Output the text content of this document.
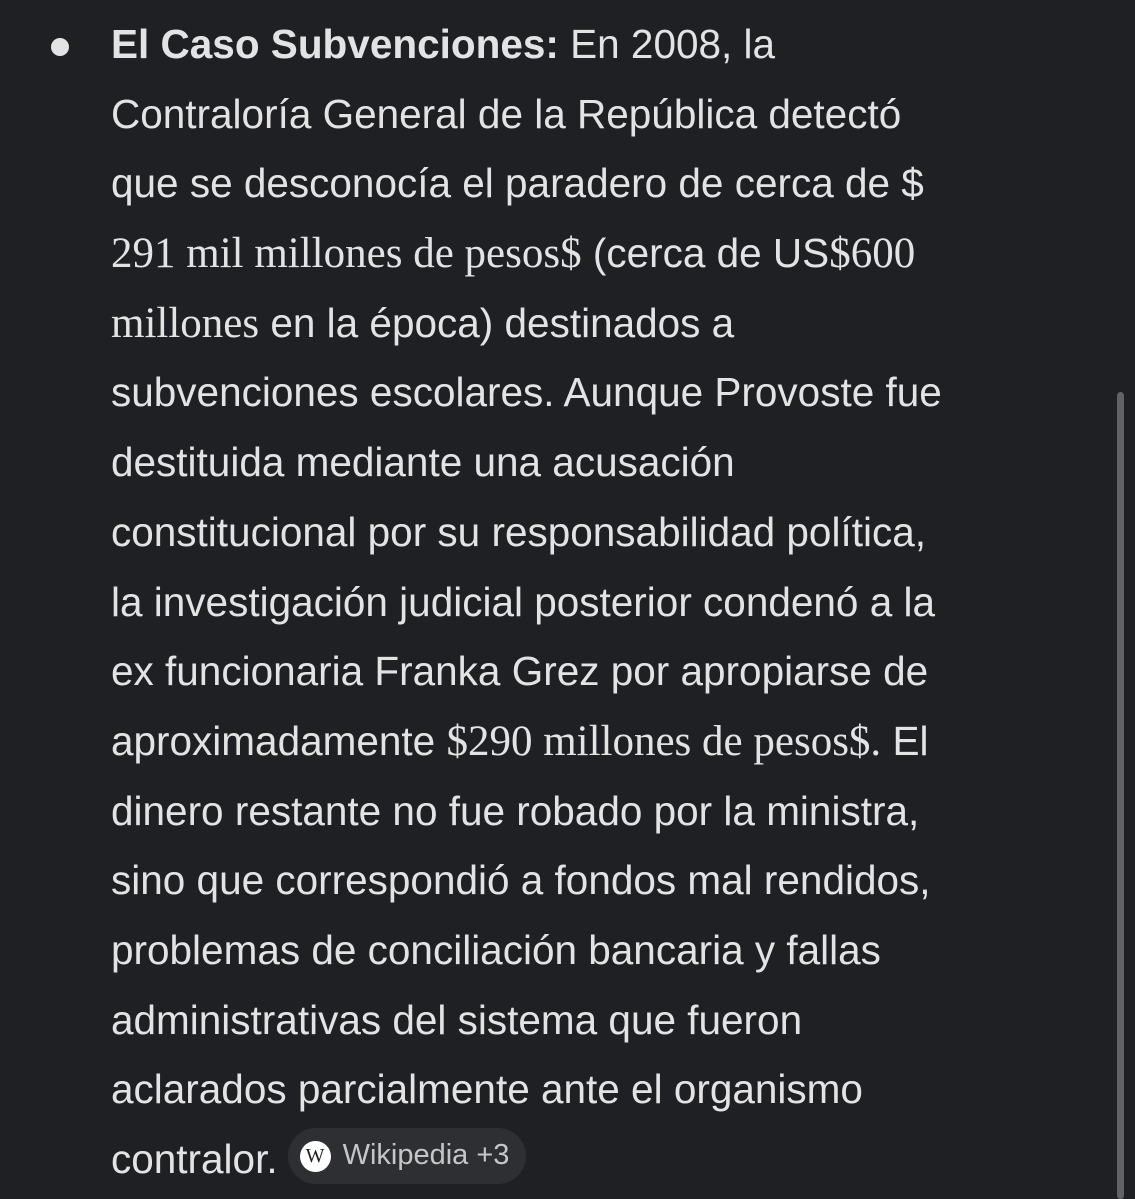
El Caso Subvenciones: En 2008, la
Contraloría General de la República detectó
que se desconocía el paradero de cerca de $
291 mil millones de pesos$ (cerca de US$600
millones en la época) destinados a
subvenciones escolares. Aunque Provoste fue
destituida mediante una acusación
constitucional por su responsabilidad política,
la investigación judicial posterior condenó a la
ex funcionaria Franka Grez por apropiarse de
aproximadamente $290 millones de pesos$. El
dinero restante no fue robado por la ministra,
sino que correspondió a fondos mal rendidos,
problemas de conciliación bancaria y fallas
administrativas del sistema que fueron
aclarados parcialmente ante el organismo
contralor.	W Wikipedia +3
